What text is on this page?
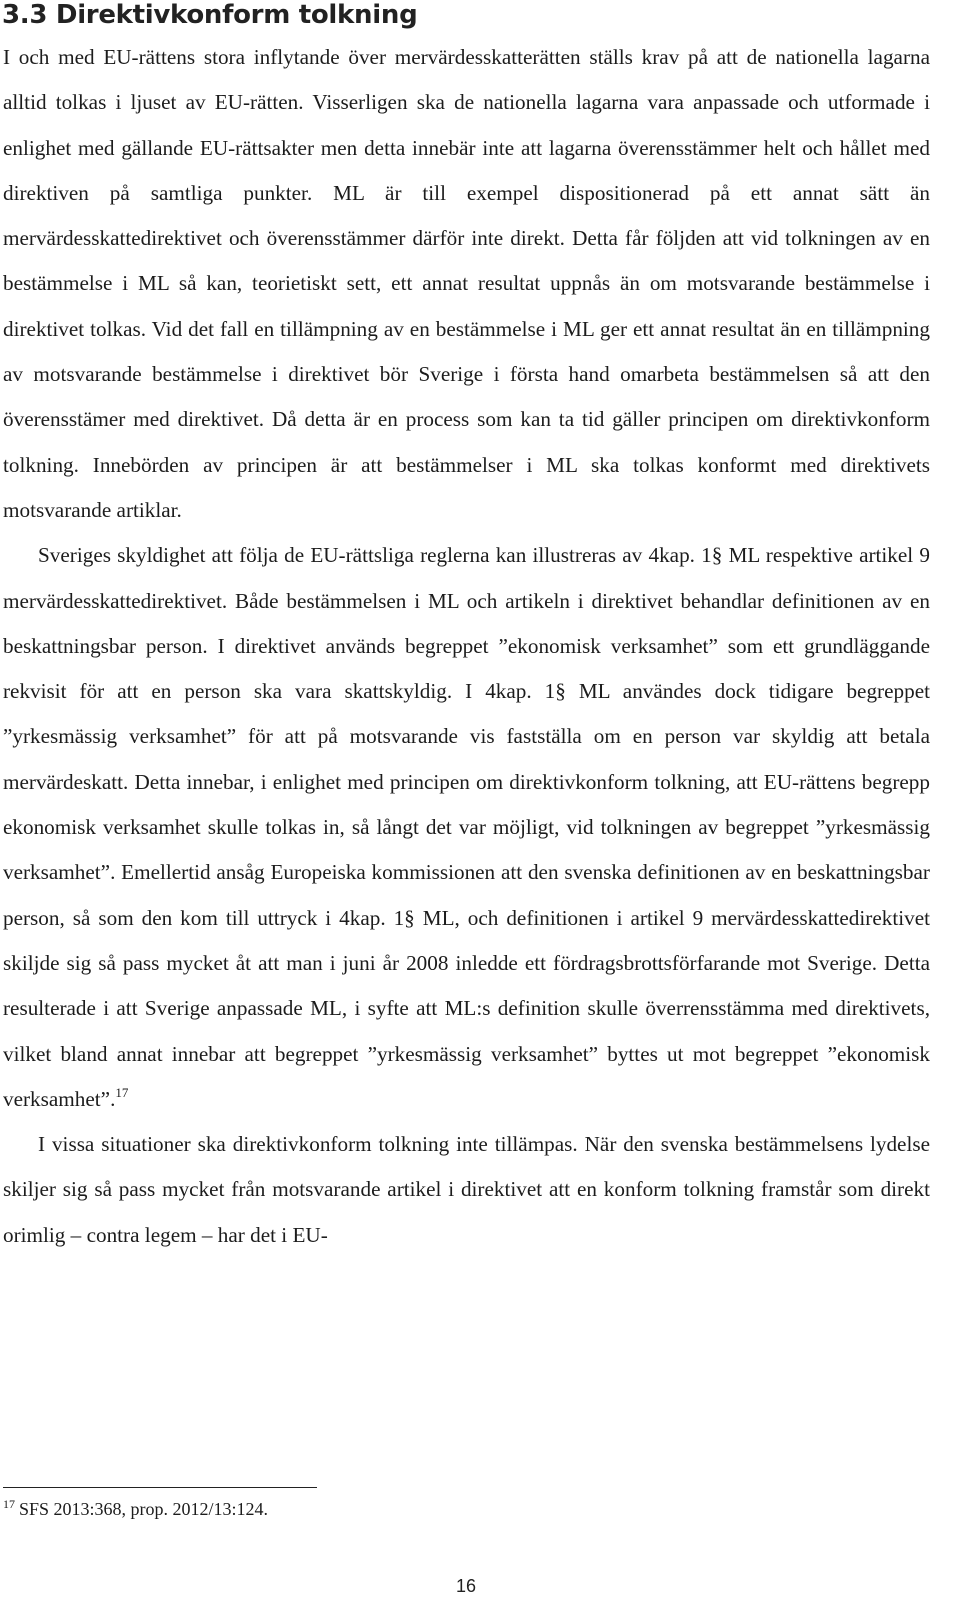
3.3 Direktivkonform tolkning

I och med EU-rättens stora inflytande över mervärdesskatterätten ställs krav på att de nationella lagarna alltid tolkas i ljuset av EU-rätten. Visserligen ska de nationella lagarna vara anpassade och utformade i enlighet med gällande EU-rättsakter men detta innebär inte att lagarna överensstämmer helt och hållet med direktiven på samtliga punkter. ML är till exempel dispositionerad på ett annat sätt än mervärdesskattedirektivet och överensstämmer därför inte direkt. Detta får följden att vid tolkningen av en bestämmelse i ML så kan, teorietiskt sett, ett annat resultat uppnås än om motsvarande bestämmelse i direktivet tolkas. Vid det fall en tillämpning av en bestämmelse i ML ger ett annat resultat än en tillämpning av motsvarande bestämmelse i direktivet bör Sverige i första hand omarbeta bestämmelsen så att den överensstämer med direktivet. Då detta är en process som kan ta tid gäller principen om direktivkonform tolkning. Innebörden av principen är att bestämmelser i ML ska tolkas konformt med direktivets motsvarande artiklar.

Sveriges skyldighet att följa de EU-rättsliga reglerna kan illustreras av 4kap. 1§ ML respektive artikel 9 mervärdesskattedirektivet. Både bestämmelsen i ML och artikeln i direktivet behandlar definitionen av en beskattningsbar person. I direktivet används begreppet ”ekonomisk verksamhet” som ett grundläggande rekvisit för att en person ska vara skattskyldig. I 4kap. 1§ ML användes dock tidigare begreppet ”yrkesmässig verksamhet” för att på motsvarande vis fastställa om en person var skyldig att betala mervärdeskatt. Detta innebar, i enlighet med principen om direktivkonform tolkning, att EU-rättens begrepp ekonomisk verksamhet skulle tolkas in, så långt det var möjligt, vid tolkningen av begreppet ”yrkesmässig verksamhet”. Emellertid ansåg Europeiska kommissionen att den svenska definitionen av en beskattningsbar person, så som den kom till uttryck i 4kap. 1§ ML, och definitionen i artikel 9 mervärdesskattedirektivet skiljde sig så pass mycket åt att man i juni år 2008 inledde ett fördragsbrottsförfarande mot Sverige. Detta resulterade i att Sverige anpassade ML, i syfte att ML:s definition skulle överrensstämma med direktivets, vilket bland annat innebar att begreppet ”yrkesmässig verksamhet” byttes ut mot begreppet ”ekonomisk verksamhet”.$^{17}$

I vissa situationer ska direktivkonform tolkning inte tillämpas. När den svenska bestämmelsens lydelse skiljer sig så pass mycket från motsvarande artikel i direktivet att en konform tolkning framstår som direkt orimlig – contra legem – har det i EU-

$^{17}$ SFS 2013:368, prop. 2012/13:124.
16
